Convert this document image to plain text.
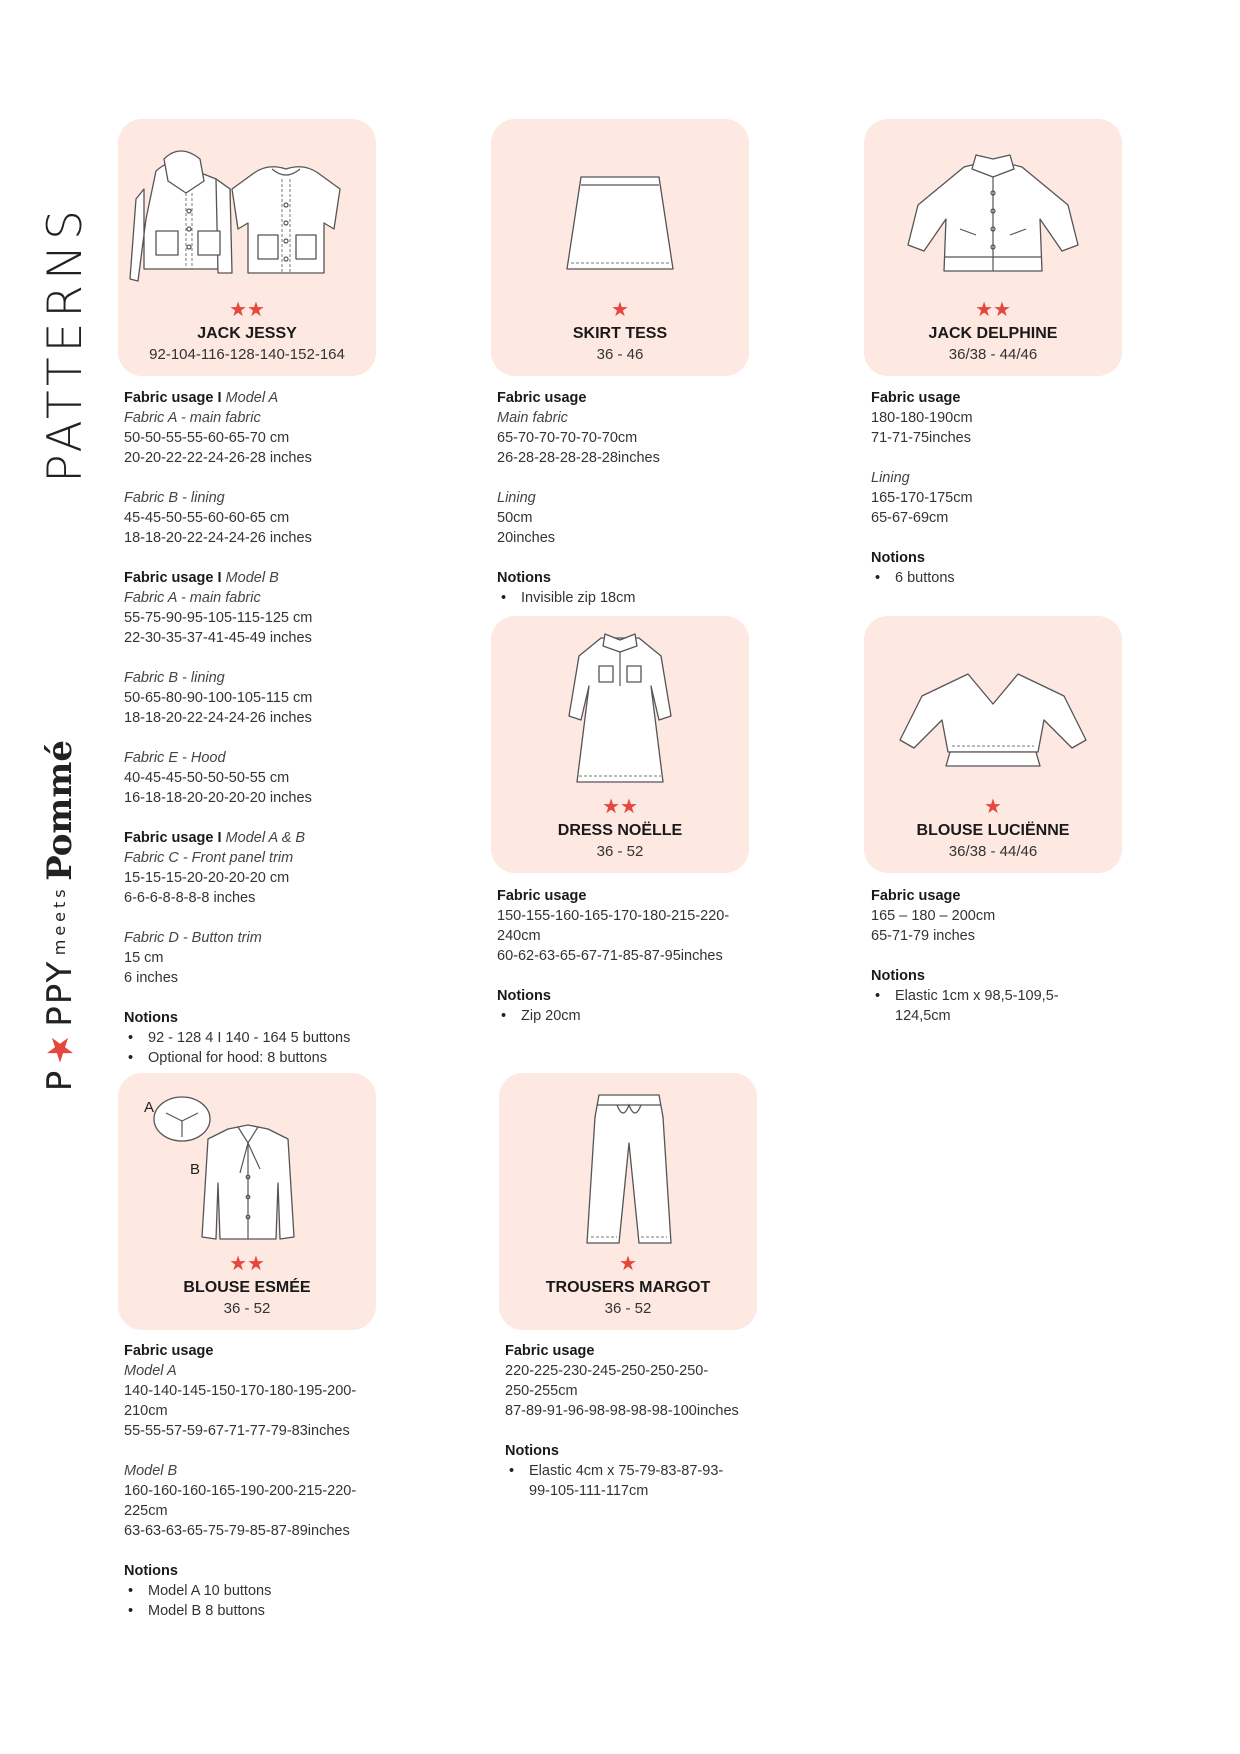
PATTERNS
P★PPY meets Pommé
★★
JACK JESSY
92-104-116-128-140-152-164
Fabric usage I Model A
Fabric A - main fabric
50-50-55-55-60-65-70 cm
20-20-22-22-24-26-28 inches
Fabric B - lining
45-45-50-55-60-60-65 cm
18-18-20-22-24-24-26 inches
Fabric usage I Model B
Fabric A - main fabric
55-75-90-95-105-115-125 cm
22-30-35-37-41-45-49 inches
Fabric B - lining
50-65-80-90-100-105-115 cm
18-18-20-22-24-24-26 inches
Fabric E - Hood
40-45-45-50-50-50-55 cm
16-18-18-20-20-20-20 inches
Fabric usage I Model A & B
Fabric C - Front panel trim
15-15-15-20-20-20-20 cm
6-6-6-8-8-8-8 inches
Fabric D - Button trim
15 cm
6 inches
Notions
• 92 - 128 4 I 140 - 164 5 buttons
• Optional for hood: 8 buttons
★
SKIRT TESS
36 - 46
Fabric usage
Main fabric
65-70-70-70-70-70cm
26-28-28-28-28-28inches
Lining
50cm
20inches
Notions
• Invisible zip 18cm
★★
JACK DELPHINE
36/38 - 44/46
Fabric usage
180-180-190cm
71-71-75inches
Lining
165-170-175cm
65-67-69cm
Notions
• 6 buttons
★★
DRESS NOËLLE
36 - 52
Fabric usage
150-155-160-165-170-180-215-220-
240cm
60-62-63-65-67-71-85-87-95inches
Notions
• Zip 20cm
★
BLOUSE LUCIËNNE
36/38 - 44/46
Fabric usage
165 – 180 – 200cm
65-71-79 inches
Notions
• Elastic 1cm x 98,5-109,5-
124,5cm
A
B
★★
BLOUSE ESMÉE
36 - 52
Fabric usage
Model A
140-140-145-150-170-180-195-200-
210cm
55-55-57-59-67-71-77-79-83inches
Model B
160-160-160-165-190-200-215-220-
225cm
63-63-63-65-75-79-85-87-89inches
Notions
• Model A 10 buttons
• Model B 8 buttons
★
TROUSERS MARGOT
36 - 52
Fabric usage
220-225-230-245-250-250-250-
250-255cm
87-89-91-96-98-98-98-98-100inches
Notions
• Elastic 4cm x 75-79-83-87-93-
99-105-111-117cm
